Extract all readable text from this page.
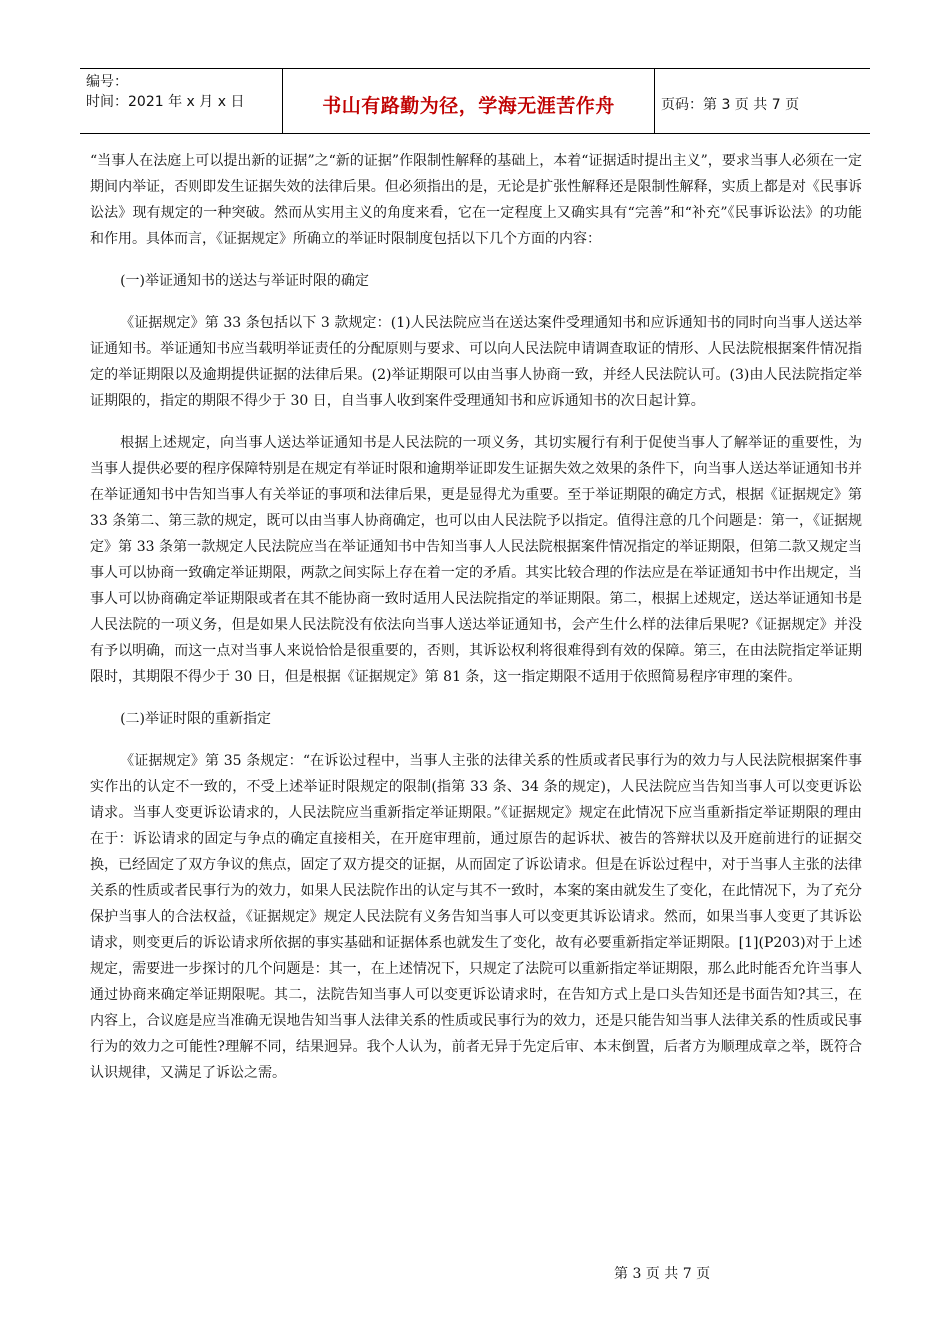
编号：
时间：2021 年 x 月 x 日	书山有路勤为径，学海无涯苦作舟	页码：第 3 页 共 7 页

“当事人在法庭上可以提出新的证据”之“新的证据”作限制性解释的基础上，本着“证据适时提出主义”，要求当事人必须在一定期间内举证，否则即发生证据失效的法律后果。但必须指出的是，无论是扩张性解释还是限制性解释，实质上都是对《民事诉讼法》现有规定的一种突破。然而从实用主义的角度来看，它在一定程度上又确实具有“完善”和“补充”《民事诉讼法》的功能和作用。具体而言，《证据规定》所确立的举证时限制度包括以下几个方面的内容：

(一)举证通知书的送达与举证时限的确定

《证据规定》第 33 条包括以下 3 款规定：(1)人民法院应当在送达案件受理通知书和应诉通知书的同时向当事人送达举证通知书。举证通知书应当载明举证责任的分配原则与要求、可以向人民法院申请调查取证的情形、人民法院根据案件情况指定的举证期限以及逾期提供证据的法律后果。(2)举证期限可以由当事人协商一致，并经人民法院认可。(3)由人民法院指定举证期限的，指定的期限不得少于 30 日，自当事人收到案件受理通知书和应诉通知书的次日起计算。

根据上述规定，向当事人送达举证通知书是人民法院的一项义务，其切实履行有利于促使当事人了解举证的重要性，为当事人提供必要的程序保障特别是在规定有举证时限和逾期举证即发生证据失效之效果的条件下，向当事人送达举证通知书并在举证通知书中告知当事人有关举证的事项和法律后果，更是显得尤为重要。至于举证期限的确定方式，根据《证据规定》第 33 条第二、第三款的规定，既可以由当事人协商确定，也可以由人民法院予以指定。值得注意的几个问题是：第一，《证据规定》第 33 条第一款规定人民法院应当在举证通知书中告知当事人人民法院根据案件情况指定的举证期限，但第二款又规定当事人可以协商一致确定举证期限，两款之间实际上存在着一定的矛盾。其实比较合理的作法应是在举证通知书中作出规定，当事人可以协商确定举证期限或者在其不能协商一致时适用人民法院指定的举证期限。第二，根据上述规定，送达举证通知书是人民法院的一项义务，但是如果人民法院没有依法向当事人送达举证通知书，会产生什么样的法律后果呢?《证据规定》并没有予以明确，而这一点对当事人来说恰恰是很重要的，否则，其诉讼权利将很难得到有效的保障。第三，在由法院指定举证期限时，其期限不得少于 30 日，但是根据《证据规定》第 81 条，这一指定期限不适用于依照简易程序审理的案件。

(二)举证时限的重新指定

《证据规定》第 35 条规定：“在诉讼过程中，当事人主张的法律关系的性质或者民事行为的效力与人民法院根据案件事实作出的认定不一致的，不受上述举证时限规定的限制(指第 33 条、34 条的规定)，人民法院应当告知当事人可以变更诉讼请求。当事人变更诉讼请求的，人民法院应当重新指定举证期限。”《证据规定》规定在此情况下应当重新指定举证期限的理由在于：诉讼请求的固定与争点的确定直接相关，在开庭审理前，通过原告的起诉状、被告的答辩状以及开庭前进行的证据交换，已经固定了双方争议的焦点，固定了双方提交的证据，从而固定了诉讼请求。但是在诉讼过程中，对于当事人主张的法律关系的性质或者民事行为的效力，如果人民法院作出的认定与其不一致时，本案的案由就发生了变化，在此情况下，为了充分保护当事人的合法权益，《证据规定》规定人民法院有义务告知当事人可以变更其诉讼请求。然而，如果当事人变更了其诉讼请求，则变更后的诉讼请求所依据的事实基础和证据体系也就发生了变化，故有必要重新指定举证期限。[1](P203)对于上述规定，需要进一步探讨的几个问题是：其一，在上述情况下，只规定了法院可以重新指定举证期限，那么此时能否允许当事人通过协商来确定举证期限呢。其二，法院告知当事人可以变更诉讼请求时，在告知方式上是口头告知还是书面告知?其三，在内容上，合议庭是应当准确无误地告知当事人法律关系的性质或民事行为的效力，还是只能告知当事人法律关系的性质或民事行为的效力之可能性?理解不同，结果迥异。我个人认为，前者无异于先定后审、本末倒置，后者方为顺理成章之举，既符合认识规律，又满足了诉讼之需。

第 3 页 共 7 页
